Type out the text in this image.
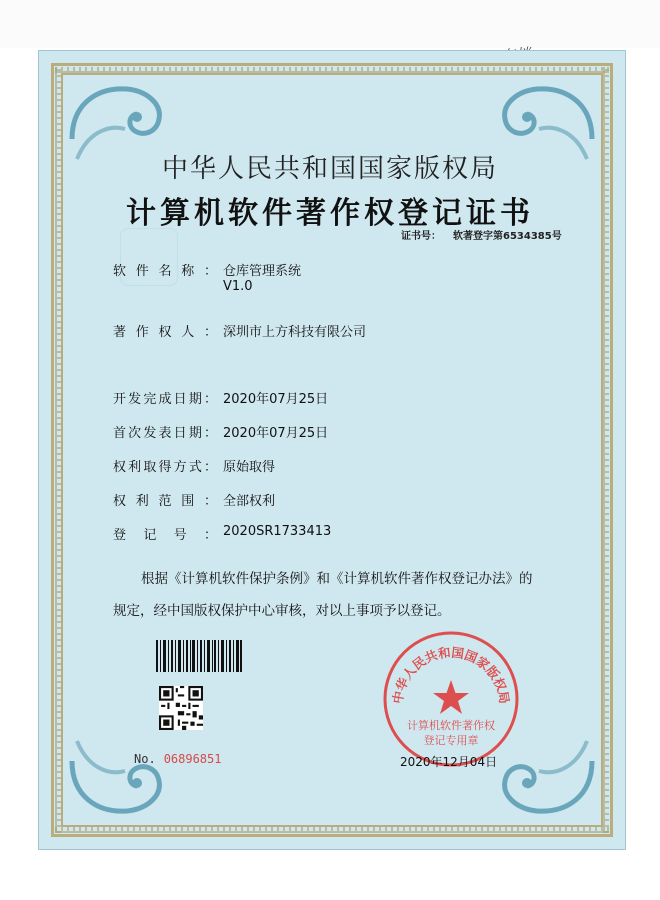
中华人民共和国国家版权局
计算机软件著作权登记证书
证书号： 软著登字第6534385号
软件名称： 仓库管理系统
V1.0
著作权人： 深圳市上方科技有限公司
开发完成日期： 2020年07月25日
首次发表日期： 2020年07月25日
权利取得方式： 原始取得
权利范围： 全部权利
登记号： 2020SR1733413
根据《计算机软件保护条例》和《计算机软件著作权登记办法》的
规定，经中国版权保护中心审核，对以上事项予以登记。
No. 06896851
中华人民共和国国家版权局
计算机软件著作权
登记专用章
2020年12月04日
